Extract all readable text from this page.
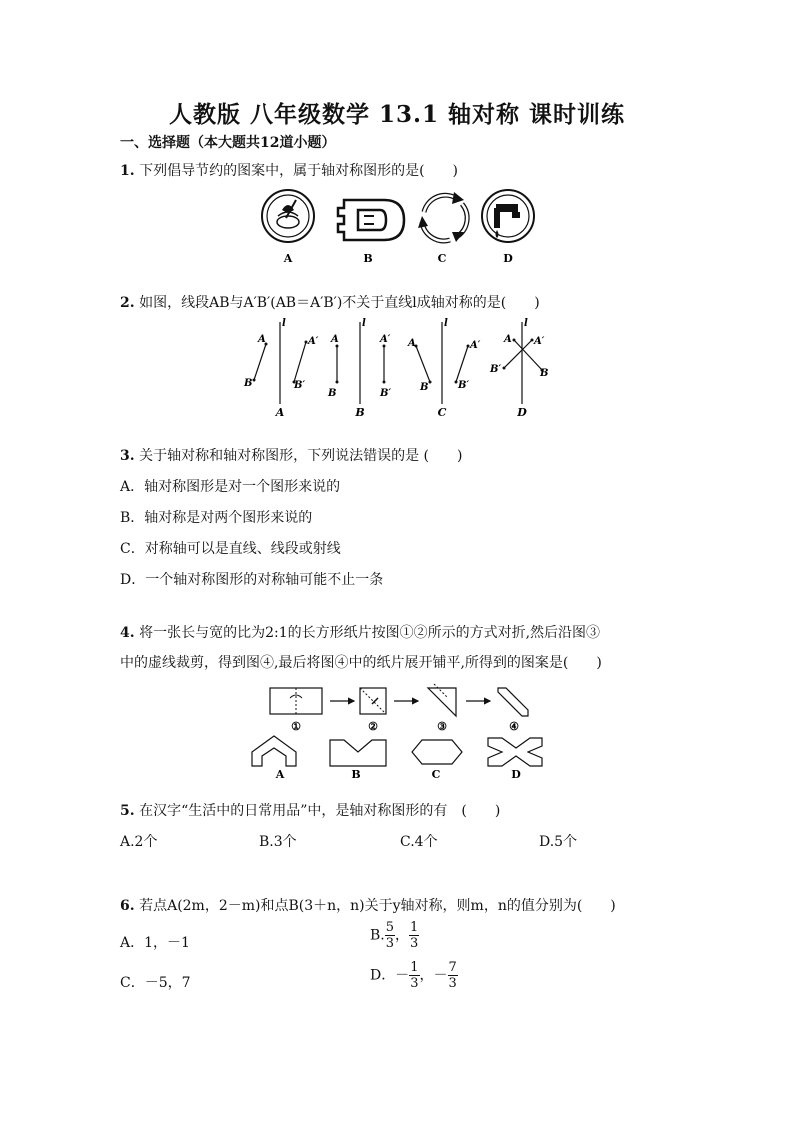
人教版 八年级数学 13.1 轴对称 课时训练
一、选择题（本大题共12道小题）
1. 下列倡导节约的图案中，属于轴对称图形的是(　　)
A	B	C	D
2. 如图，线段AB与A′B′(AB＝A′B′)不关于直线l成轴对称的是(　　)
l
A
B
A′
B′
A
l
A
B
A′
B′
B
l
A
B
A′
B′
C
l
A
B
A′
B′
D
3. 关于轴对称和轴对称图形，下列说法错误的是 (　　)
A．轴对称图形是对一个图形来说的
B．轴对称是对两个图形来说的
C．对称轴可以是直线、线段或射线
D．一个轴对称图形的对称轴可能不止一条
4. 将一张长与宽的比为2:1的长方形纸片按图①②所示的方式对折,然后沿图③
中的虚线裁剪，得到图④,最后将图④中的纸片展开铺平,所得到的图案是(　　)
①	②	③	④
A	B	C	D
5. 在汉字“生活中的日常用品”中，是轴对称图形的有　(　　)
A.2个	B.3个	C.4个	D.5个
6. 若点A(2m，2－m)和点B(3＋n，n)关于y轴对称，则m，n的值分别为(　　)
A．1，－1	B. $\frac{5}{3}$ ， $\frac{1}{3}$
C．－5，7	D．－ $\frac{1}{3}$ ，－ $\frac{7}{3}$
